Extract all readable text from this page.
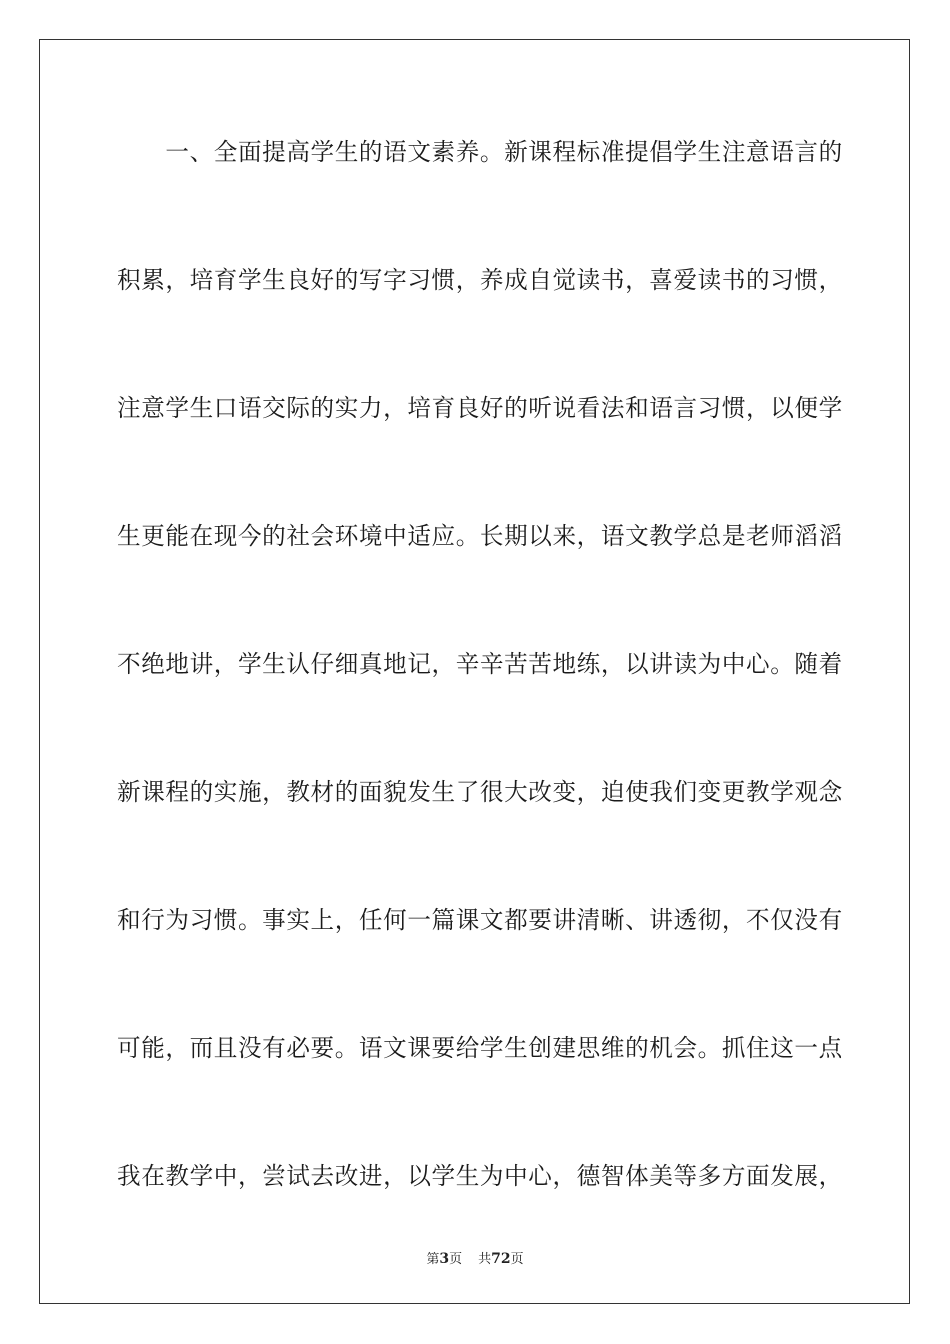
　　一、全面提高学生的语文素养。新课程标准提倡学生注意语言的
积累，培育学生良好的写字习惯，养成自觉读书，喜爱读书的习惯，
注意学生口语交际的实力，培育良好的听说看法和语言习惯，以便学
生更能在现今的社会环境中适应。长期以来，语文教学总是老师滔滔
不绝地讲，学生认仔细真地记，辛辛苦苦地练，以讲读为中心。随着
新课程的实施，教材的面貌发生了很大改变，迫使我们变更教学观念
和行为习惯。事实上，任何一篇课文都要讲清晰、讲透彻，不仅没有
可能，而且没有必要。语文课要给学生创建思维的机会。抓住这一点
我在教学中，尝试去改进，以学生为中心，德智体美等多方面发展，
第3页 共72页
